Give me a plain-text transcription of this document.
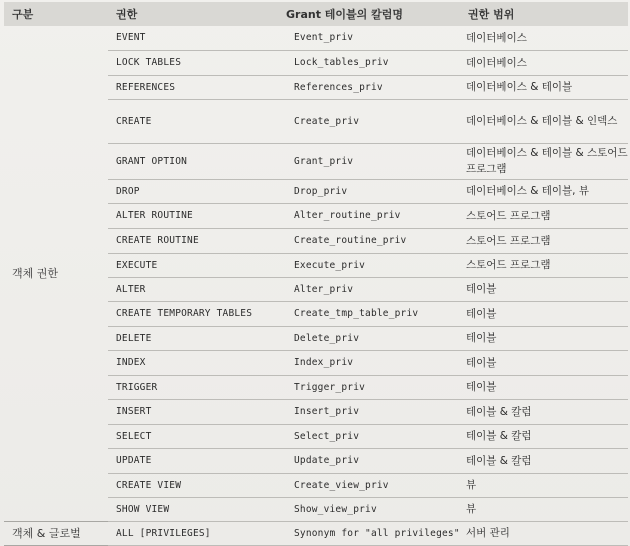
구분	권한	Grant 테이블의 칼럼명	권한 범위
객체 권한	EVENT	Event_priv	데이터베이스
	LOCK TABLES	Lock_tables_priv	데이터베이스
	REFERENCES	References_priv	데이터베이스 & 테이블
	CREATE	Create_priv	데이터베이스 & 테이블 & 인덱스
	GRANT OPTION	Grant_priv	데이터베이스 & 테이블 & 스토어드 프로그램
	DROP	Drop_priv	데이터베이스 & 테이블, 뷰
	ALTER ROUTINE	Alter_routine_priv	스토어드 프로그램
	CREATE ROUTINE	Create_routine_priv	스토어드 프로그램
	EXECUTE	Execute_priv	스토어드 프로그램
	ALTER	Alter_priv	테이블
	CREATE TEMPORARY TABLES	Create_tmp_table_priv	테이블
	DELETE	Delete_priv	테이블
	INDEX	Index_priv	테이블
	TRIGGER	Trigger_priv	테이블
	INSERT	Insert_priv	테이블 & 칼럼
	SELECT	Select_priv	테이블 & 칼럼
	UPDATE	Update_priv	테이블 & 칼럼
	CREATE VIEW	Create_view_priv	뷰
	SHOW VIEW	Show_view_priv	뷰
객체 & 글로벌	ALL [PRIVILEGES]	Synonym for "all privileges"	서버 관리
